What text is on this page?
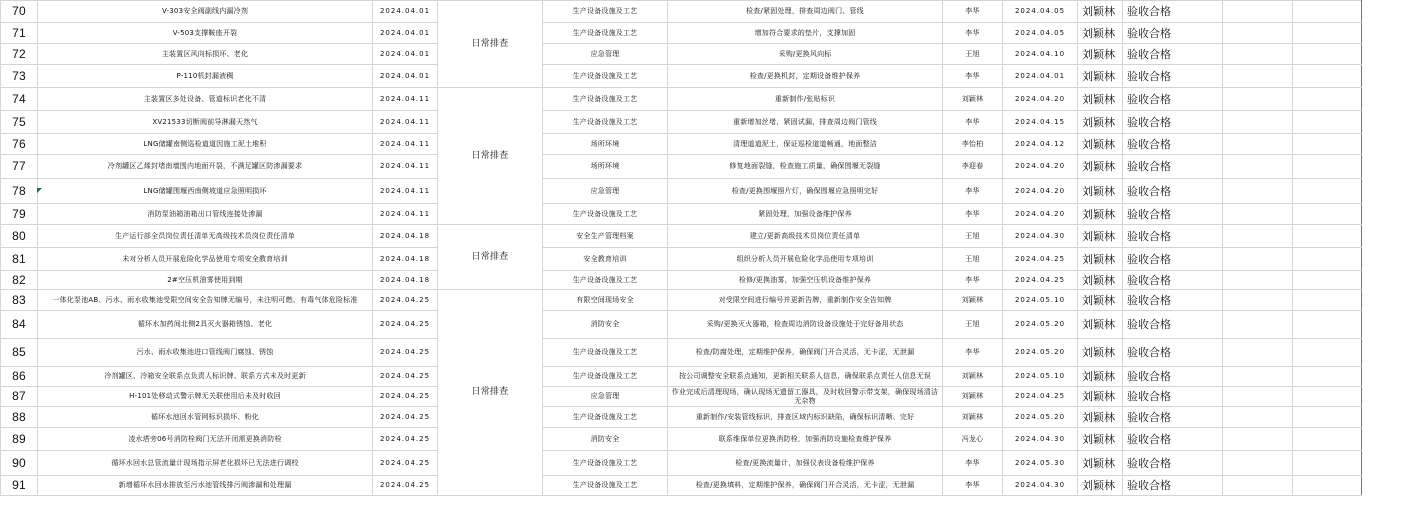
70	V-303安全阀副线内漏冷剂	2024.04.01	日常排查	生产设备设施及工艺	检查/紧固处理，排查周边阀门、管线	李华	2024.04.05	刘颖林	验收合格		
71	V-503支撑鞍座开裂	2024.04.01		生产设备设施及工艺	增加符合要求的垫片，支撑加固	李华	2024.04.05	刘颖林	验收合格		
72	主装置区风向标损坏、老化	2024.04.01		应急管理	采购/更换风向标	王旭	2024.04.10	刘颖林	验收合格		
73	P-110机封漏液稠	2024.04.01		生产设备设施及工艺	检查/更换机封，定期设备维护保养	李华	2024.04.01	刘颖林	验收合格		
74	主装置区多处设备、管道标识老化不清	2024.04.11	日常排查	生产设备设施及工艺	重新制作/张贴标识	刘颖林	2024.04.20	刘颖林	验收合格		
75	XV21533切断阀前导淋漏天然气	2024.04.11		生产设备设施及工艺	重新增加丝堵，紧固试漏，排查周边阀门管线	李华	2024.04.15	刘颖林	验收合格		
76	LNG储罐南侧巡检道道因施工泥土堆积	2024.04.11		场所环境	清理道道泥土，保证巡检道道畅通，地面整洁	李怡柏	2024.04.12	刘颖林	验收合格		
77	冷剂罐区乙烯封堵南墙围内地面开裂，不满足罐区防渗漏要求	2024.04.11		场所环境	修复地面裂缝，检查施工质量，确保围堰无裂缝	李迎春	2024.04.20	刘颖林	验收合格		
78	LNG储罐围堰西南侧坡道应急照明损坏	2024.04.11		应急管理	检查/更换围堰照片灯，确保围堰应急照明完好	李华	2024.04.20	刘颖林	验收合格		
79	消防泵油箱油箱出口管线连接处渗漏	2024.04.11		生产设备设施及工艺	紧固处理，加强设备维护保养	李华	2024.04.20	刘颖林	验收合格		
80	生产运行部全员岗位责任清单无高级技术员岗位责任清单	2024.04.18	日常排查	安全生产管理档案	建立/更新高级技术员岗位责任清单	王旭	2024.04.30	刘颖林	验收合格		
81	未对分析人员开展危险化学品使用专项安全教育培训	2024.04.18		安全教育培训	组织分析人员开展危险化学品使用专项培训	王旭	2024.04.25	刘颖林	验收合格		
82	2#空压机油雾使用到期	2024.04.18		生产设备设施及工艺	检修/更换油雾，加强空压机设备维护保养	李华	2024.04.25	刘颖林	验收合格		
83	一体化泵池AB、污水、雨水收集池受限空间安全告知牌无编号，未注明可燃、有毒气体危险标准	2024.04.25	日常排查	有限空间现场安全	对受限空间进行编号并更新告牌，重新制作安全告知牌	刘颖林	2024.05.10	刘颖林	验收合格		
84	循环水加药间北侧2具灭火器箱锈蚀、老化	2024.04.25		消防安全	采购/更换灭火器箱，检查周边消防设备设施处于完好备用状态	王旭	2024.05.20	刘颖林	验收合格		
85	污水、雨水收集池进口管线阀门腐蚀、锈蚀	2024.04.25		生产设备设施及工艺	检查/防腐处理，定期维护保养，确保阀门开合灵活，无卡涩，无泄漏	李华	2024.05.20	刘颖林	验收合格		
86	冷剂罐区、冷箱安全联系点负责人标识牌、联系方式未及时更新	2024.04.25		生产设备设施及工艺	按公司调整安全联系点通知，更新相关联系人信息，确保联系点责任人信息无误	刘颖林	2024.05.10	刘颖林	验收合格		
87	H-101处移动式警示牌无关联使用后未及时收回	2024.04.25		应急管理	作业完成后清理现场，确认现场无遗留工器具，及时收回警示带支架，确保现场清洁无杂物	刘颖林	2024.04.25	刘颖林	验收合格		
88	循环水池回水管网标识损坏、粉化	2024.04.25		生产设备设施及工艺	重新制作/安装管线标识，排查区域内标识缺陷，确保标识清晰、完好	刘颖林	2024.05.20	刘颖林	验收合格		
89	凌水塔旁06号消防栓阀门无法开闭需更换消防栓	2024.04.25		消防安全	联系维保单位更换消防栓，加强消防设施检查维护保养	冯龙心	2024.04.30	刘颖林	验收合格		
90	循环水回水总管流量计现场指示屏老化损坏已无法进行调校	2024.04.25		生产设备设施及工艺	检查/更换流量计，加强仪表设备检维护保养	李华	2024.05.30	刘颖林	验收合格		
91	新增循环水回水排放至污水池管线排污阀渗漏和处理漏	2024.04.25		生产设备设施及工艺	检查/更换填料，定期维护保养，确保阀门开合灵活，无卡涩，无泄漏	李华	2024.04.30	刘颖林	验收合格		
